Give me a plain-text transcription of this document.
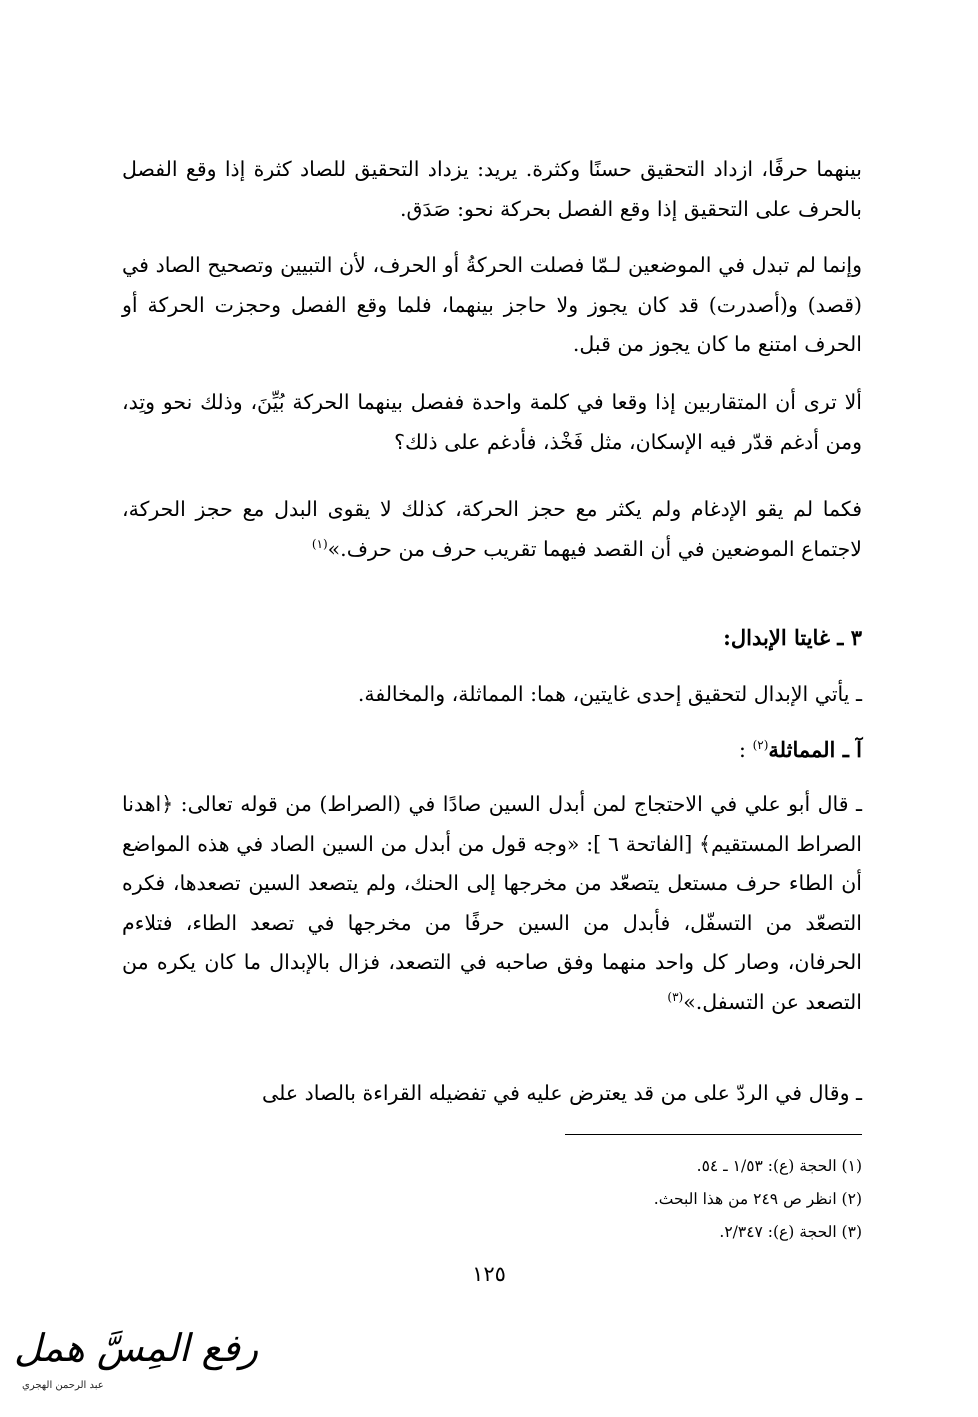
بينهما حرفًا، ازداد التحقيق حسنًا وكثرة. يريد: يزداد التحقيق للصاد كثرة إذا وقع الفصل بالحرف على التحقيق إذا وقع الفصل بحركة نحو: صَدَق.

وإنما لم تبدل في الموضعين لـمّا فصلت الحركةُ أو الحرف، لأن التبيين وتصحيح الصاد في (قصد) و(أصدرت) قد كان يجوز ولا حاجز بينهما، فلما وقع الفصل وحجزت الحركة أو الحرف امتنع ما كان يجوز من قبل.

ألا ترى أن المتقاربين إذا وقعا في كلمة واحدة ففصل بينهما الحركة بُيِّنَ، وذلك نحو وتِد، ومن أدغم قدّر فيه الإسكان، مثل فَخْذ، فأدغم على ذلك؟

فكما لم يقو الإدغام ولم يكثر مع حجز الحركة، كذلك لا يقوى البدل مع حجز الحركة، لاجتماع الموضعين في أن القصد فيهما تقريب حرف من حرف.»$^{(١)}$

٣ ـ غايتا الإبدال:

ـ يأتي الإبدال لتحقيق إحدى غايتين، هما: المماثلة، والمخالفة.

آ ـ المماثلة$^{(٢)}$ :

ـ قال أبو علي في الاحتجاج لمن أبدل السين صادًا في (الصراط) من قوله تعالى: ﴿اهدنا الصراط المستقيم﴾ [الفاتحة ٦ ]: «وجه قول من أبدل من السين الصاد في هذه المواضع أن الطاء حرف مستعل يتصعّد من مخرجها إلى الحنك، ولم يتصعد السين تصعدها، فكره التصعّد من التسفّل، فأبدل من السين حرفًا من مخرجها في تصعد الطاء، فتلاءم الحرفان، وصار كل واحد منهما وفق صاحبه في التصعد، فزال بالإبدال ما كان يكره من التصعد عن التسفل.»$^{(٣)}$

ـ وقال في الردّ على من قد يعترض عليه في تفضيله القراءة بالصاد على

(١) الحجة (ع): ١/٥٣ ـ ٥٤.

(٢) انظر ص ٢٤٩ من هذا البحث.

(٣) الحجة (ع): ٢/٣٤٧.

١٢٥
رفع المِسَّ همل
عبد الرحمن الهجري
